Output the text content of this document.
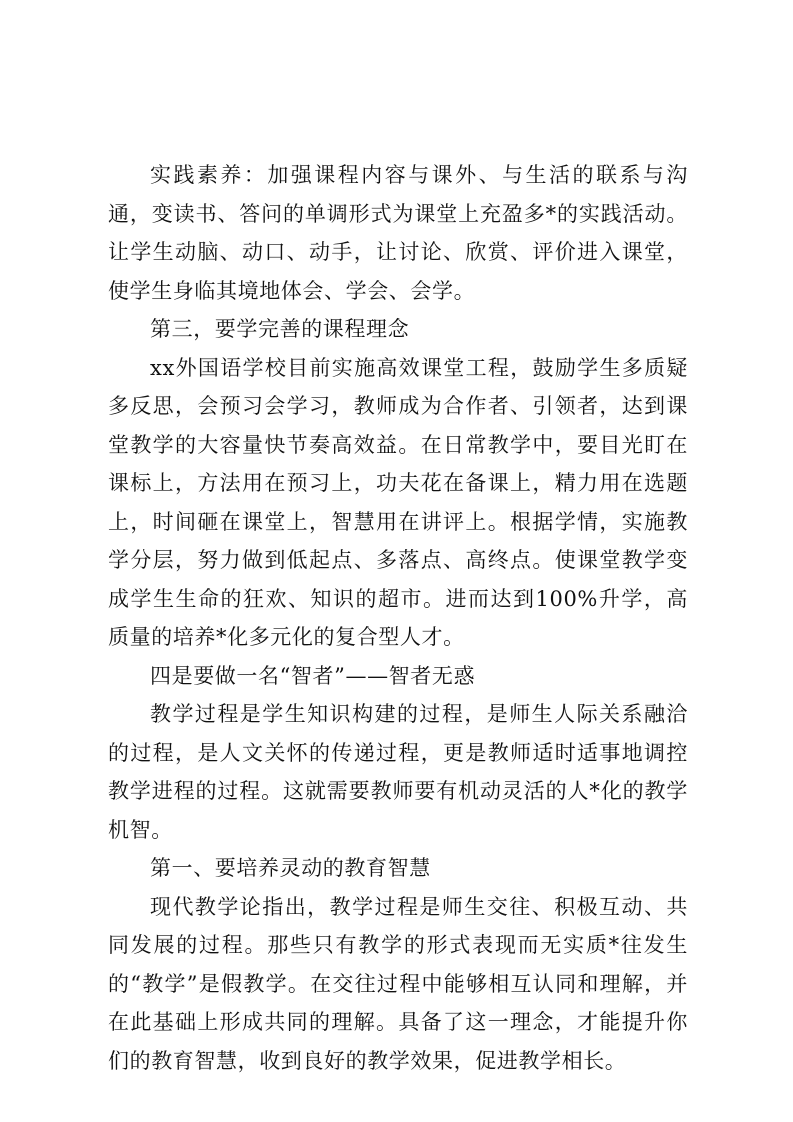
实践素养：加强课程内容与课外、与生活的联系与沟通，变读书、答问的单调形式为课堂上充盈多*的实践活动。让学生动脑、动口、动手，让讨论、欣赏、评价进入课堂，使学生身临其境地体会、学会、会学。

第三，要学完善的课程理念

xx外国语学校目前实施高效课堂工程，鼓励学生多质疑多反思，会预习会学习，教师成为合作者、引领者，达到课堂教学的大容量快节奏高效益。在日常教学中，要目光盯在课标上，方法用在预习上，功夫花在备课上，精力用在选题上，时间砸在课堂上，智慧用在讲评上。根据学情，实施教学分层，努力做到低起点、多落点、高终点。使课堂教学变成学生生命的狂欢、知识的超市。进而达到100%升学，高质量的培养*化多元化的复合型人才。

四是要做一名“智者”——智者无惑

教学过程是学生知识构建的过程，是师生人际关系融洽的过程，是人文关怀的传递过程，更是教师适时适事地调控教学进程的过程。这就需要教师要有机动灵活的人*化的教学机智。

第一、要培养灵动的教育智慧

现代教学论指出，教学过程是师生交往、积极互动、共同发展的过程。那些只有教学的形式表现而无实质*往发生的“教学”是假教学。在交往过程中能够相互认同和理解，并在此基础上形成共同的理解。具备了这一理念，才能提升你们的教育智慧，收到良好的教学效果，促进教学相长。
